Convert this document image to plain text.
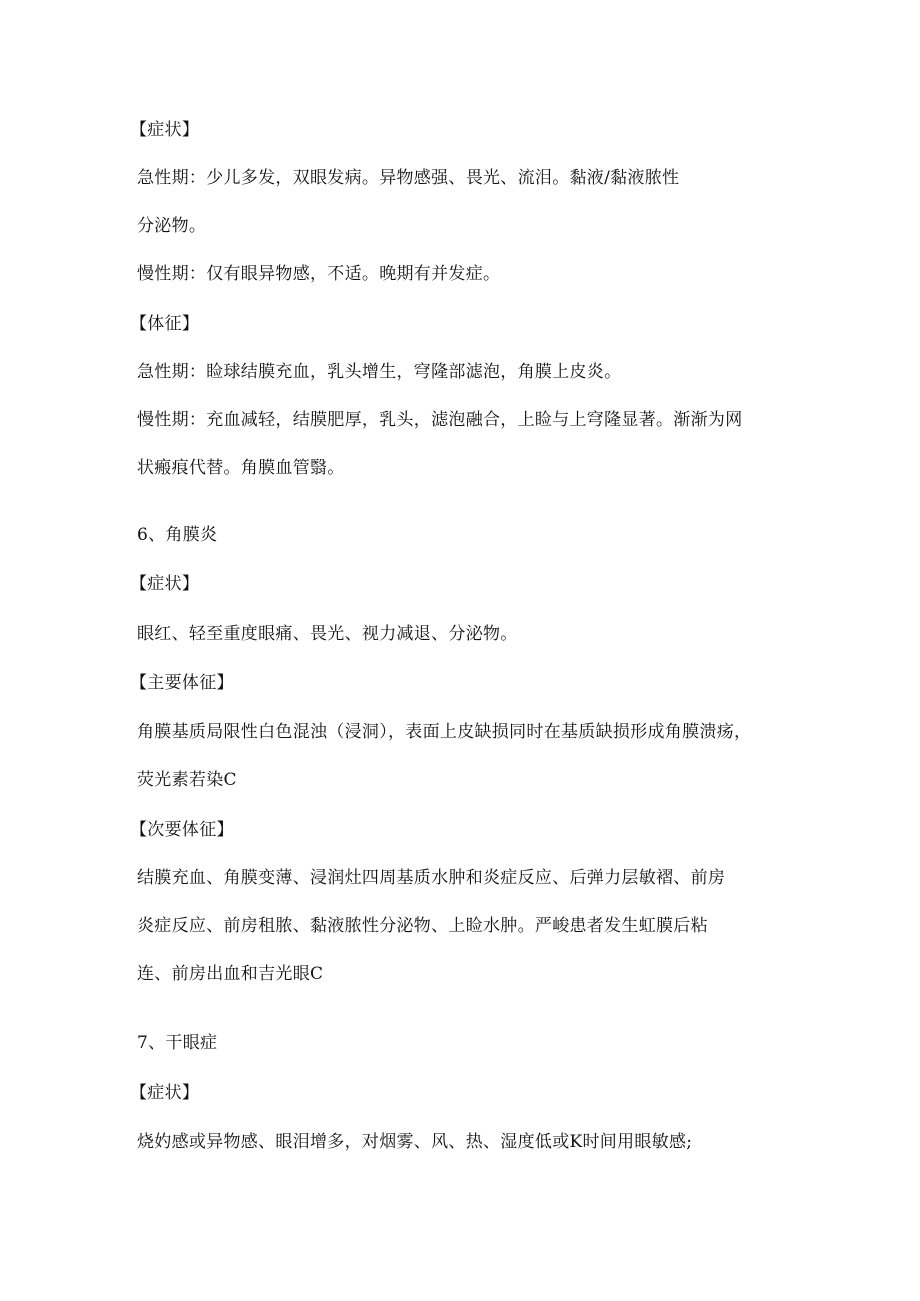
【症状】
急性期：少儿多发，双眼发病。异物感强、畏光、流泪。黏液/黏液脓性
分泌物。
慢性期：仅有眼异物感，不适。晚期有并发症。
【体征】
急性期：睑球结膜充血，乳头增生，穹隆部滤泡，角膜上皮炎。
慢性期：充血减轻，结膜肥厚，乳头，滤泡融合，上睑与上穹隆显著。渐渐为网
状瘢痕代替。角膜血管翳。
6、角膜炎
【症状】
眼红、轻至重度眼痛、畏光、视力减退、分泌物。
【主要体征】
角膜基质局限性白色混浊（浸洞），表面上皮缺损同时在基质缺损形成角膜溃疡，
荧光素若染C
【次要体征】
结膜充血、角膜变薄、浸润灶四周基质水肿和炎症反应、后弹力层敏褶、前房
炎症反应、前房租脓、黏液脓性分泌物、上睑水肿。严峻患者发生虹膜后粘
连、前房出血和吉光眼C
7、干眼症
【症状】
烧妁感或异物感、眼泪增多，对烟雾、风、热、湿度低或K时间用眼敏感;
